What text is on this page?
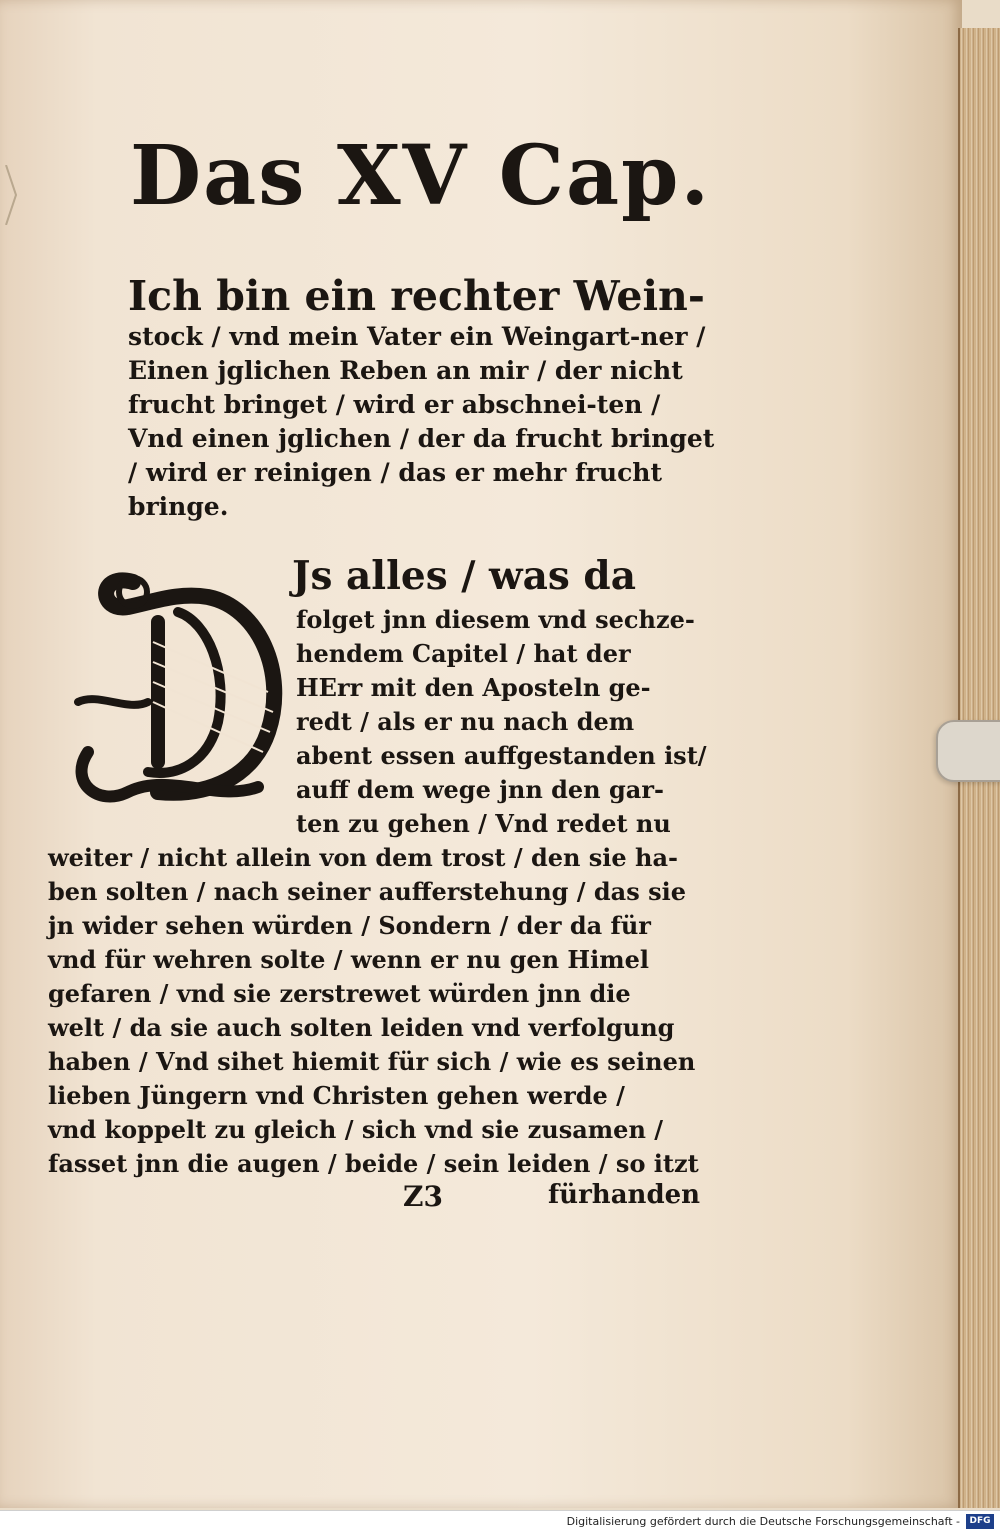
Das XV Cap.
Ich bin ein rechter Wein-
stock / vnd mein Vater ein Weingart-ner / Einen jglichen Reben an mir / der nicht frucht bringet / wird er abschnei-ten / Vnd einen jglichen / der da frucht bringet / wird er reinigen / das er mehr frucht bringe.
D
Js alles / was da
folget jnn diesem vnd sechze-
hendem Capitel / hat der
HErr mit den Aposteln ge-
redt / als er nu nach dem
abent essen auffgestanden ist/
auff dem wege jnn den gar-
ten zu gehen / Vnd redet nu
weiter / nicht allein von dem trost / den sie ha-
ben solten / nach seiner aufferstehung / das sie
jn wider sehen würden / Sondern / der da für
vnd für wehren solte / wenn er nu gen Himel
gefaren / vnd sie zerstrewet würden jnn die
welt / da sie auch solten leiden vnd verfolgung
haben / Vnd sihet hiemit für sich / wie es seinen
lieben Jüngern vnd Christen gehen werde /
vnd koppelt zu gleich / sich vnd sie zusamen /
fasset jnn die augen / beide / sein leiden / so itzt
Z3	fürhanden
Digitalisierung gefördert durch die Deutsche Forschungsgemeinschaft -	DFG
